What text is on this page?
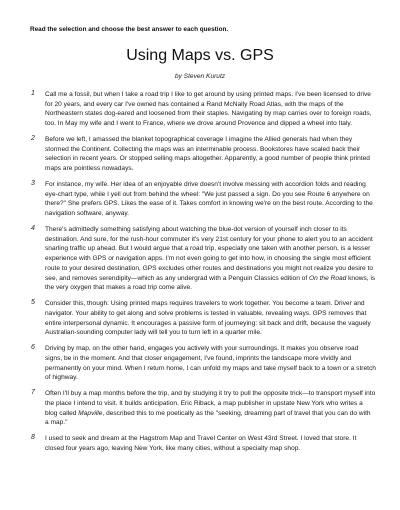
Read the selection and choose the best answer to each question.
Using Maps vs. GPS
by Steven Kurutz
1 Call me a fossil, but when I take a road trip I like to get around by using printed maps. I've been licensed to drive for 20 years, and every car I've owned has contained a Rand McNally Road Atlas, with the maps of the Northeastern states dog-eared and loosened from their staples. Navigating by map carries over to foreign roads, too. In May my wife and I went to France, where we drove around Provence and dipped a wheel into Italy.

2 Before we left, I amassed the blanket topographical coverage I imagine the Allied generals had when they stormed the Continent. Collecting the maps was an interminable process. Bookstores have scaled back their selection in recent years. Or stopped selling maps altogether. Apparently, a good number of people think printed maps are pointless nowadays.

3 For instance, my wife. Her idea of an enjoyable drive doesn't involve messing with accordion folds and reading eye-chart type, while I yell out from behind the wheel: "We just passed a sign. Do you see Route 6 anywhere on there?" She prefers GPS. Likes the ease of it. Takes comfort in knowing we're on the best route. According to the navigation software, anyway.

4 There's admittedly something satisfying about watching the blue-dot version of yourself inch closer to its destination. And sure, for the rush-hour commuter it's very 21st century for your phone to alert you to an accident snarling traffic up ahead. But I would argue that a road trip, especially one taken with another person, is a lesser experience with GPS or navigation apps. I'm not even going to get into how, in choosing the single most efficient route to your desired destination, GPS excludes other routes and destinations you might not realize you desire to see, and removes serendipity—which as any undergrad with a Penguin Classics edition of On the Road knows, is the very oxygen that makes a road trip come alive.

5 Consider this, though: Using printed maps requires travelers to work together. You become a team. Driver and navigator. Your ability to get along and solve problems is tested in valuable, revealing ways. GPS removes that entire interpersonal dynamic. It encourages a passive form of journeying: sit back and drift, because the vaguely Australian-sounding computer lady will tell you to turn left in a quarter mile.

6 Driving by map, on the other hand, engages you actively with your surroundings. It makes you observe road signs, be in the moment. And that closer engagement, I've found, imprints the landscape more vividly and permanently on your mind. When I return home, I can unfold my maps and take myself back to a town or a stretch of highway.

7 Often I'll buy a map months before the trip, and by studying it try to pull the opposite trick—to transport myself into the place I intend to visit. It builds anticipation. Eric Riback, a map publisher in upstate New York who writes a blog called Mapville, described this to me poetically as the "seeking, dreaming part of travel that you can do with a map."

8 I used to seek and dream at the Hagstrom Map and Travel Center on West 43rd Street. I loved that store. It closed four years ago, leaving New York, like many cities, without a specialty map shop.
